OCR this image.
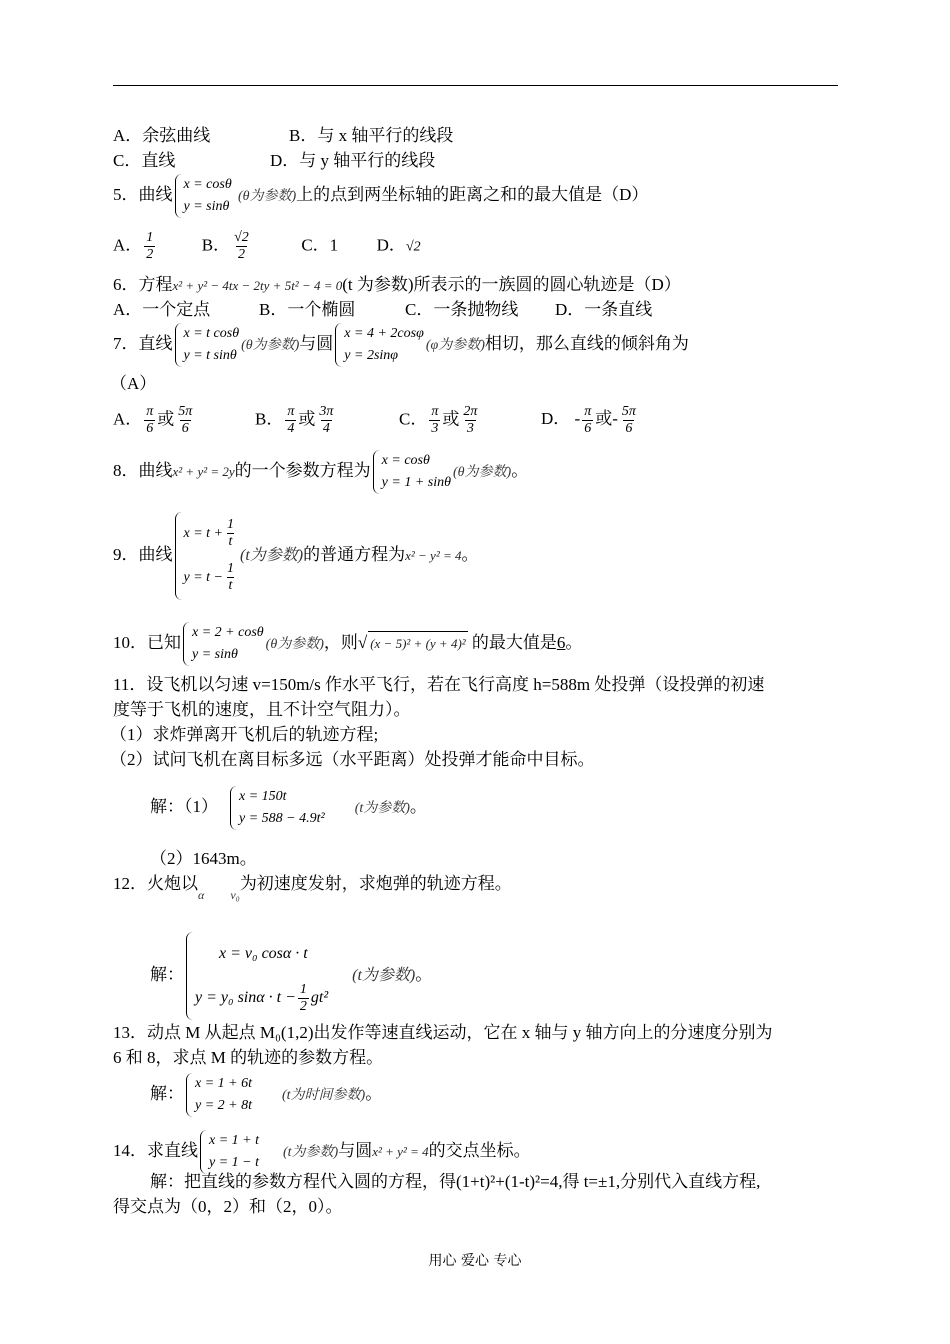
A．余弦曲线	B．与 x 轴平行的线段
C．直线	D．与 y 轴平行的线段
5．曲线
x = cosθ
y = sinθ
(θ为参数)上的点到两坐标轴的距离之和的最大值是（D）
A． $\frac{1}{2}$	B． $\frac{√2}{2}$	C．1 D．√2
6．方程x² + y² − 4tx − 2ty + 5t² − 4 = 0(t 为参数)所表示的一族圆的圆心轨迹是（D）
A．一个定点	B．一个椭圆	C．一条抛物线 D．一条直线
7．直线
x = t cosθ
y = t sinθ
(θ为参数)与圆
x = 4 + 2cosφ
y = 2sinφ
(φ为参数)相切，那么直线的倾斜角为
（A）
A． $\frac{\pi}{6}$ 或 $\frac{5\pi}{6}$	B． $\frac{\pi}{4}$ 或 $\frac{3\pi}{4}$	C． $\frac{\pi}{3}$ 或 $\frac{2\pi}{3}$	D． - $\frac{\pi}{6}$ 或- $\frac{5\pi}{6}$
8．曲线x² + y² = 2y的一个参数方程为
x = cosθ
y = 1 + sinθ
(θ为参数)。
9．曲线
$x = t + \frac{1}{t}$
$y = t - \frac{1}{t}$
(t为参数)的普通方程为x² − y² = 4。
10．已知
x = 2 + cosθ
y = sinθ
(θ为参数)，则√ (x − 5)² + (y + 4)² 的最大值是6。
11．设飞机以匀速 v=150m/s 作水平飞行，若在飞行高度 h=588m 处投弹（设投弹的初速
度等于飞机的速度，且不计空气阻力）。
（1）求炸弹离开飞机后的轨迹方程;
（2）试问飞机在离目标多远（水平距离）处投弹才能命中目标。
解：（1）
x = 150t
y = 588 − 4.9t²
(t为参数)。
（2）1643m。
12．火炮以$_\alpha$ $_{v_0}$为初速度发射，求炮弹的轨迹方程。
解：
x = v₀ cosα · t
y = y₀ $\sin\alpha \cdot t - \frac{1}{2} gt^2$
(t为参数)。
13．动点 M 从起点 M₀(1,2)出发作等速直线运动，它在 x 轴与 y 轴方向上的分速度分别为
6 和 8，求点 M 的轨迹的参数方程。
解：
x = 1 + 6t
y = 2 + 8t
(t为时间参数)。
14．求直线
x = 1 + t
y = 1 − t
(t为参数)与圆x² + y² = 4的交点坐标。
解：把直线的参数方程代入圆的方程，得(1+t)²+(1-t)²=4,得 t=±1,分别代入直线方程,
得交点为（0，2）和（2，0）。
用心 爱心 专心
